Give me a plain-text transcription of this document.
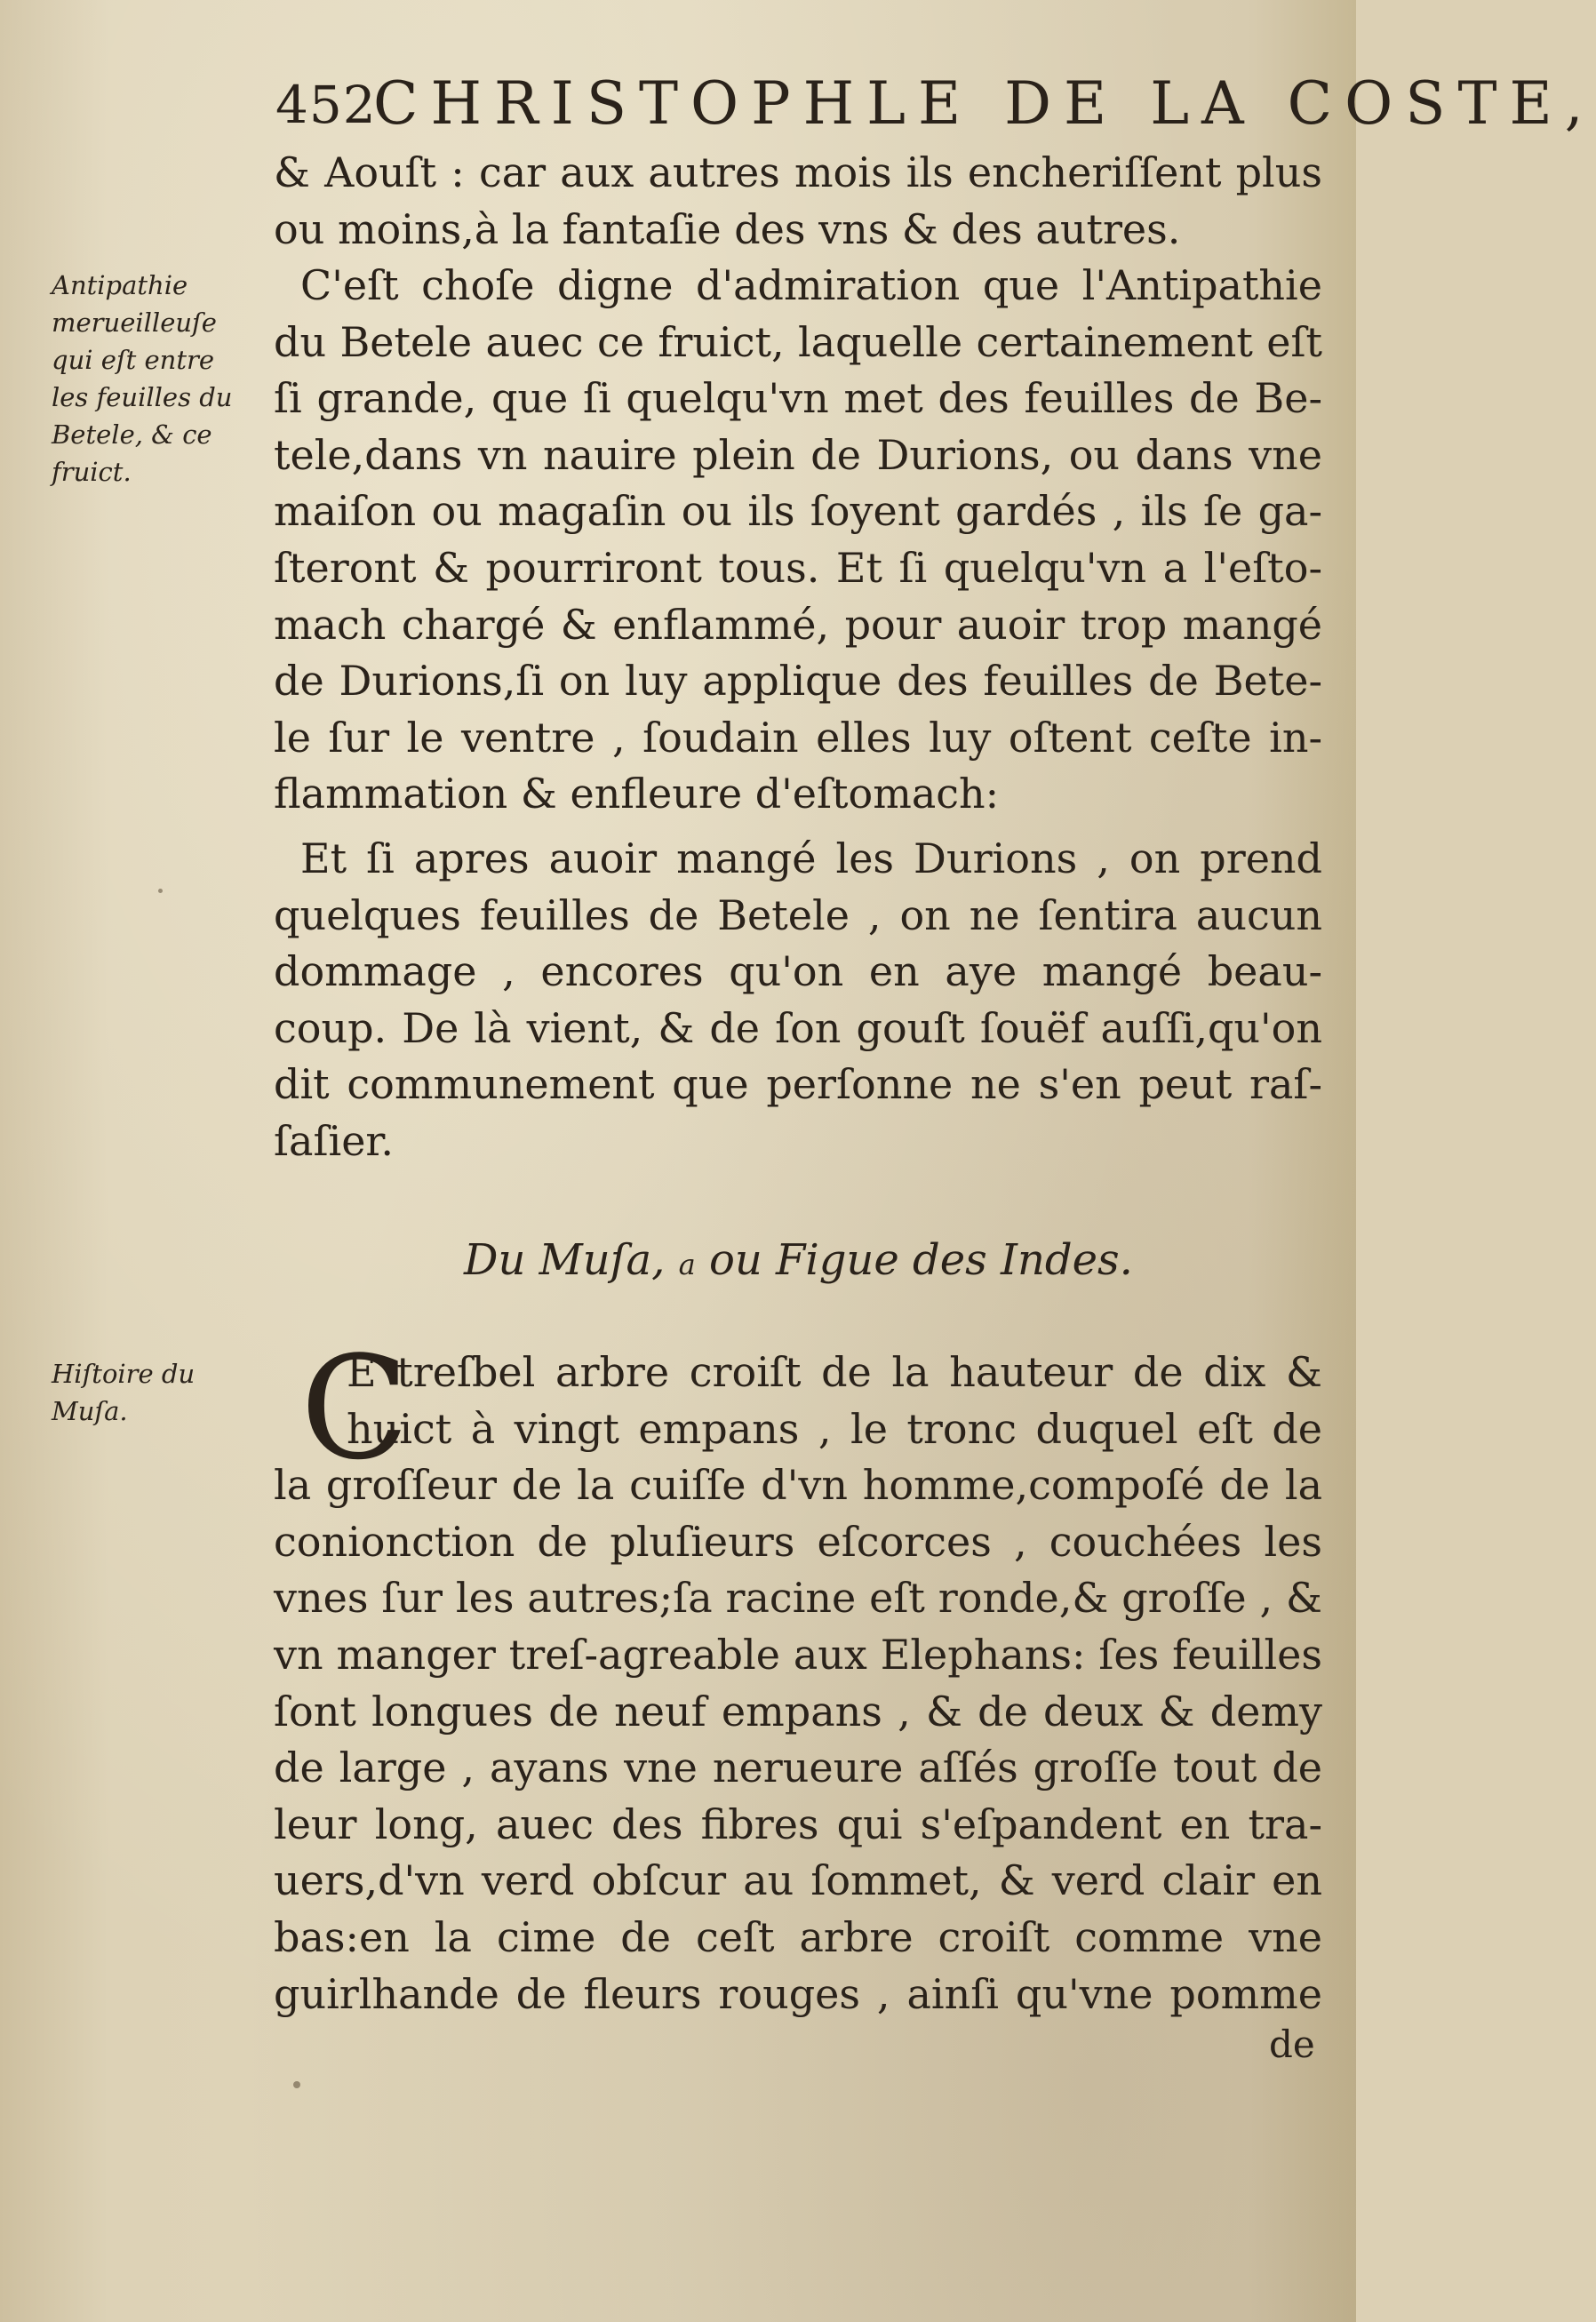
452
CHRISTOPHLE DE LA COSTE,
& Aouſt : car aux autres mois ils encheriſſent plus
ou moins,à la fantaſie des vns & des autres.
Antipathie
merueilleuſe
qui eſt entre
les feuilles du
Betele, & ce
fruict.
C'eſt choſe digne d'admiration que l'Antipathie
du Betele auec ce fruict, laquelle certainement eſt
ſi grande, que ſi quelqu'vn met des feuilles de Be-
tele,dans vn nauire plein de Durions, ou dans vne
maiſon ou magaſin ou ils ſoyent gardés , ils ſe ga-
ſteront & pourriront tous. Et ſi quelqu'vn a l'eſto-
mach chargé & enflammé, pour auoir trop mangé
de Durions,ſi on luy applique des feuilles de Bete-
le ſur le ventre , ſoudain elles luy oſtent ceſte in-
flammation & enfleure d'eſtomach:
Et ſi apres auoir mangé les Durions , on prend
quelques feuilles de Betele , on ne ſentira aucun
dommage , encores qu'on en aye mangé beau-
coup. De là vient, & de ſon gouſt ſouëf auſſi,qu'on
dit communement que perſonne ne s'en peut raſ-
ſaſier.
Du Muſa, a ou Figue des Indes.
Hiſtoire du
Muſa.	C
E treſbel arbre croiſt de la hauteur de dix &
huict à vingt empans , le tronc duquel eſt de
la groſſeur de la cuiſſe d'vn homme,compoſé de la
conionction de pluſieurs eſcorces , couchées les
vnes ſur les autres;ſa racine eſt ronde,& groſſe , &
vn manger treſ-agreable aux Elephans: ſes feuilles
ſont longues de neuf empans , & de deux & demy
de large , ayans vne nerueure aſſés groſſe tout de
leur long, auec des fibres qui s'eſpandent en tra-
uers,d'vn verd obſcur au ſommet, & verd clair en
bas:en la cime de ceſt arbre croiſt comme vne
guirlhande de fleurs rouges , ainſi qu'vne pomme
de
